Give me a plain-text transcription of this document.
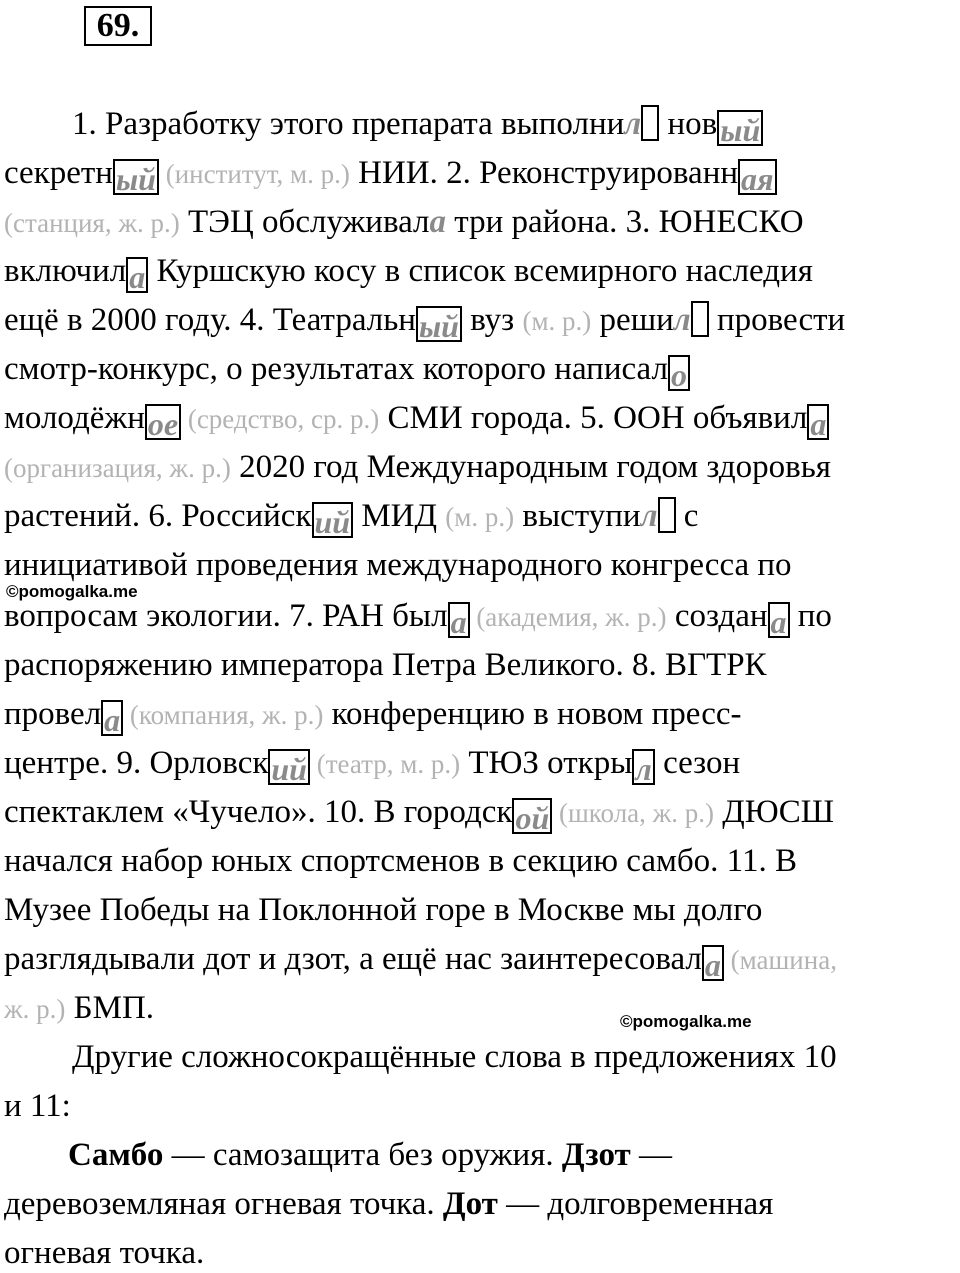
69.
1. Разработку этого препарата выполнил новый
секретный (институт, м. р.) НИИ. 2. Реконструированная
(станция, ж. р.) ТЭЦ обслуживала три района. 3. ЮНЕСКО
включила Куршскую косу в список всемирного наследия
ещё в 2000 году. 4. Театральный вуз (м. р.) решил провести
смотр-конкурс, о результатах которого написало
молодёжное (средство, ср. р.) СМИ города. 5. ООН объявила
(организация, ж. р.) 2020 год Международным годом здоровья
растений. 6. Российский МИД (м. р.) выступил с
инициативой проведения международного конгресса по
©pomogalka.me
вопросам экологии. 7. РАН была (академия, ж. р.) создана по
распоряжению императора Петра Великого. 8. ВГТРК
провела (компания, ж. р.) конференцию в новом пресс-
центре. 9. Орловский (театр, м. р.) ТЮЗ открыл сезон
спектаклем «Чучело». 10. В городской (школа, ж. р.) ДЮСШ
начался набор юных спортсменов в секцию самбо. 11. В
Музее Победы на Поклонной горе в Москве мы долго
разглядывали дот и дзот, а ещё нас заинтересовала (машина,
ж. р.) БМП.	©pomogalka.me
Другие сложносокращённые слова в предложениях 10
и 11:
Самбо — самозащита без оружия. Дзот —
деревоземляная огневая точка. Дот — долговременная
огневая точка.
